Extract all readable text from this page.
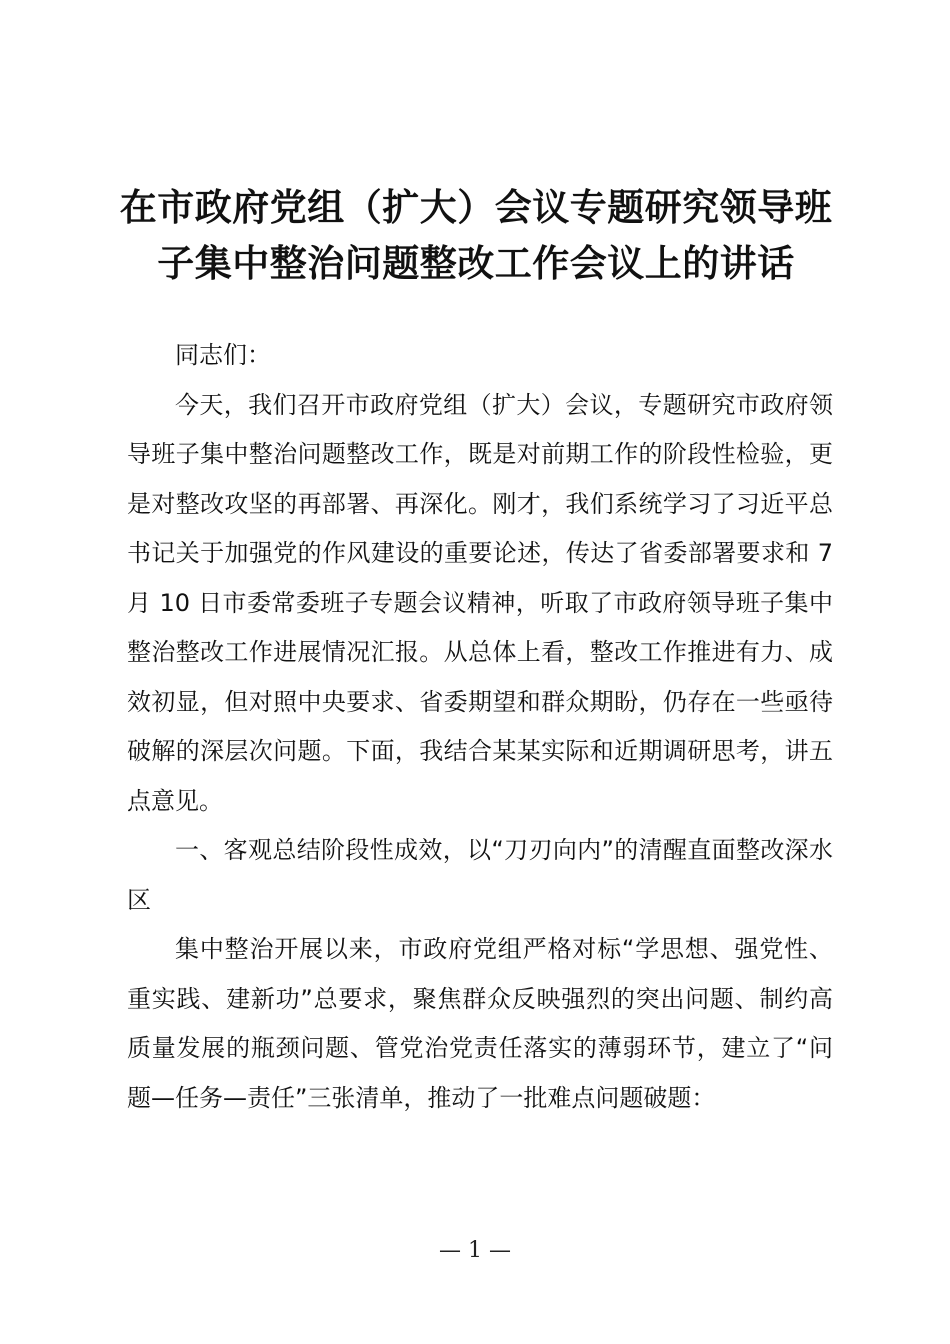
在市政府党组（扩大）会议专题研究领导班子集中整治问题整改工作会议上的讲话

同志们：

今天，我们召开市政府党组（扩大）会议，专题研究市政府领导班子集中整治问题整改工作，既是对前期工作的阶段性检验，更是对整改攻坚的再部署、再深化。刚才，我们系统学习了习近平总书记关于加强党的作风建设的重要论述，传达了省委部署要求和 7 月 10 日市委常委班子专题会议精神，听取了市政府领导班子集中整治整改工作进展情况汇报。从总体上看，整改工作推进有力、成效初显，但对照中央要求、省委期望和群众期盼，仍存在一些亟待破解的深层次问题。下面，我结合某某实际和近期调研思考，讲五点意见。

一、客观总结阶段性成效，以“刀刃向内”的清醒直面整改深水区

集中整治开展以来，市政府党组严格对标“学思想、强党性、重实践、建新功”总要求，聚焦群众反映强烈的突出问题、制约高质量发展的瓶颈问题、管党治党责任落实的薄弱环节，建立了“问题—任务—责任”三张清单，推动了一批难点问题破题：

— 1 —
